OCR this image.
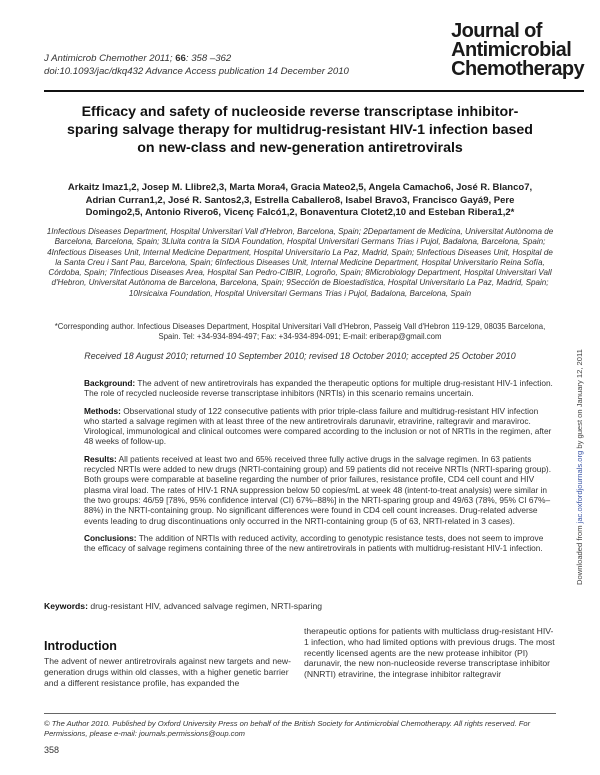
J Antimicrob Chemother 2011; 66: 358 –362
doi:10.1093/jac/dkq432 Advance Access publication 14 December 2010
Journal of
Antimicrobial
Chemotherapy
Efficacy and safety of nucleoside reverse transcriptase inhibitor-sparing salvage therapy for multidrug-resistant HIV-1 infection based on new-class and new-generation antiretrovirals
Arkaitz Imaz1,2, Josep M. Llibre2,3, Marta Mora4, Gracia Mateo2,5, Angela Camacho6, José R. Blanco7, Adrian Curran1,2, José R. Santos2,3, Estrella Caballero8, Isabel Bravo3, Francisco Gayá9, Pere Domingo2,5, Antonio Rivero6, Vicenç Falcó1,2, Bonaventura Clotet2,10 and Esteban Ribera1,2*
1Infectious Diseases Department, Hospital Universitari Vall d'Hebron, Barcelona, Spain; 2Departament de Medicina, Universitat Autònoma de Barcelona, Barcelona, Spain; 3Lluita contra la SIDA Foundation, Hospital Universitari Germans Trias i Pujol, Badalona, Barcelona, Spain; 4Infectious Diseases Unit, Internal Medicine Department, Hospital Universitario La Paz, Madrid, Spain; 5Infectious Diseases Unit, Hospital de la Santa Creu i Sant Pau, Barcelona, Spain; 6Infectious Diseases Unit, Internal Medicine Department, Hospital Universitario Reina Sofía, Córdoba, Spain; 7Infectious Diseases Area, Hospital San Pedro-CIBIR, Logroño, Spain; 8Microbiology Department, Hospital Universitari Vall d'Hebron, Universitat Autònoma de Barcelona, Barcelona, Spain; 9Sección de Bioestadística, Hospital Universitario La Paz, Madrid, Spain; 10Irsicaixa Foundation, Hospital Universitari Germans Trias i Pujol, Badalona, Barcelona, Spain
*Corresponding author. Infectious Diseases Department, Hospital Universitari Vall d'Hebron, Passeig Vall d'Hebron 119-129, 08035 Barcelona, Spain. Tel: +34-934-894-497; Fax: +34-934-894-091; E-mail: eriberap@gmail.com
Received 18 August 2010; returned 10 September 2010; revised 18 October 2010; accepted 25 October 2010

Background: The advent of new antiretrovirals has expanded the therapeutic options for multiple drug-resistant HIV-1 infection. The role of recycled nucleoside reverse transcriptase inhibitors (NRTIs) in this scenario remains uncertain.

Methods: Observational study of 122 consecutive patients with prior triple-class failure and multidrug-resistant HIV infection who started a salvage regimen with at least three of the new antiretrovirals darunavir, etravirine, raltegravir and maraviroc. Virological, immunological and clinical outcomes were compared according to the inclusion or not of NRTIs in the regimen, after 48 weeks of follow-up.

Results: All patients received at least two and 65% received three fully active drugs in the salvage regimen. In 63 patients recycled NRTIs were added to new drugs (NRTI-containing group) and 59 patients did not receive NRTIs (NRTI-sparing group). Both groups were comparable at baseline regarding the number of prior failures, resistance profile, CD4 cell count and HIV plasma viral load. The rates of HIV-1 RNA suppression below 50 copies/mL at week 48 (intent-to-treat analysis) were similar in the two groups: 46/59 [78%, 95% confidence interval (CI) 67%–88%] in the NRTI-sparing group and 49/63 (78%, 95% CI 67%–88%) in the NRTI-containing group. No significant differences were found in CD4 cell count increases. Drug-related adverse events leading to drug discontinuations only occurred in the NRTI-containing group (5 of 63, NRTI-related in 3 cases).

Conclusions: The addition of NRTIs with reduced activity, according to genotypic resistance tests, does not seem to improve the efficacy of salvage regimens containing three of the new antiretrovirals in patients with multidrug-resistant HIV-1 infection.

Keywords: drug-resistant HIV, advanced salvage regimen, NRTI-sparing
Introduction
The advent of newer antiretrovirals against new targets and new-generation drugs within old classes, with a higher genetic barrier and a different resistance profile, has expanded the
therapeutic options for patients with multiclass drug-resistant HIV-1 infection, who had limited options with previous drugs. The most recently licensed agents are the new protease inhibitor (PI) darunavir, the new non-nucleoside reverse transcriptase inhibitor (NNRTI) etravirine, the integrase inhibitor raltegravir
© The Author 2010. Published by Oxford University Press on behalf of the British Society for Antimicrobial Chemotherapy. All rights reserved. For Permissions, please e-mail: journals.permissions@oup.com
358
Downloaded from jac.oxfordjournals.org by guest on January 12, 2011
